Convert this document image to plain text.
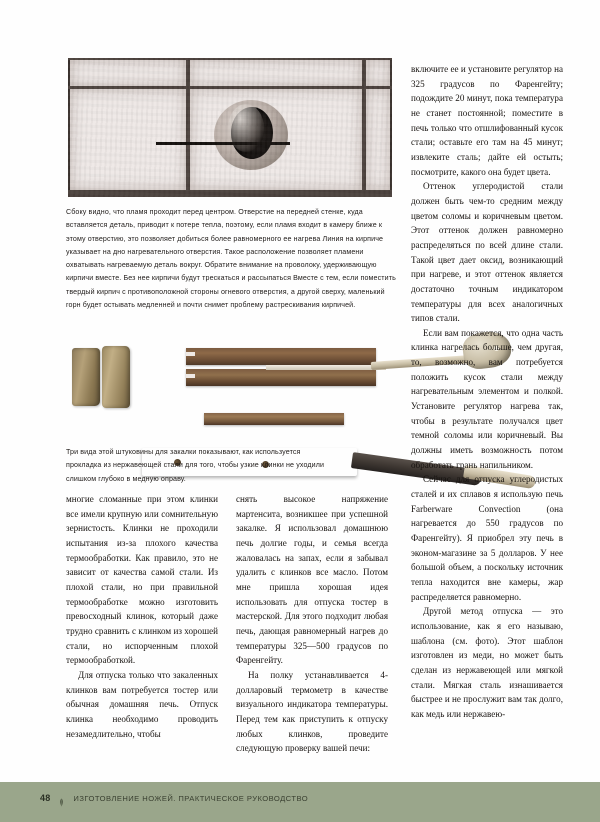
Сбоку видно, что пламя проходит перед центром. Отверстие на передней стенке, куда вставляется деталь, приводит к потере тепла, поэтому, если пламя входит в камеру ближе к этому отверстию, это позволяет добиться более равномерного ее нагрева Линия на кирпиче указывает на дно нагревательного отверстия. Такое расположение позволяет пламени охватывать нагреваемую деталь вокруг. Обратите внимание на проволоку, удерживающую кирпичи вместе. Без нее кирпичи будут трескаться и рассыпаться Вместе с тем, если поместить твердый кирпич с противоположной стороны огневого отверстия, а другой сверху, маленький горн будет остывать медленней и почти снимет проблему растрескивания кирпичей.
Три вида этой штуковины для закалки показывают, как используется прокладка из нержавеющей стали для того, чтобы узкие клинки не уходили слишком глубоко в медную оправу.

многие сломанные при этом клинки все имели крупную или сомнительную зернистость. Клинки не проходили испытания из-за плохого качества термообработки. Как правило, это не зависит от качества самой стали. Из плохой стали, но при правильной термообработке можно изготовить превосходный клинок, который даже трудно сравнить с клинком из хорошей стали, но испорченным плохой термообработкой.

Для отпуска только что закаленных клинков вам потребуется тостер или обычная домашняя печь. Отпуск клинка необходимо проводить незамедлительно, чтобы

снять высокое напряжение мартенсита, возникшее при успешной закалке. Я использовал домашнюю печь долгие годы, и семья всегда жаловалась на запах, если я забывал удалить с клинков все масло. Потом мне пришла хорошая идея использовать для отпуска тостер в мастерской. Для этого подходит любая печь, дающая равномерный нагрев до температуры 325—500 градусов по Фаренгейту.

На полку устанавливается 4-долларовый термометр в качестве визуального индикатора температуры. Перед тем как приступить к отпуску любых клинков, проведите следующую проверку вашей печи:

включите ее и установите регулятор на 325 градусов по Фаренгейту; подождите 20 минут, пока температура не станет постоянной; поместите в печь только что отшлифованный кусок стали; оставьте его там на 45 минут; извлеките сталь; дайте ей остыть; посмотрите, какого она будет цвета.

Оттенок углеродистой стали должен быть чем-то средним между цветом соломы и коричневым цветом. Этот оттенок должен равномерно распределяться по всей длине стали. Такой цвет дает оксид, возникающий при нагреве, и этот оттенок является достаточно точным индикатором температуры для всех аналогичных типов стали.

Если вам покажется, что одна часть клинка нагрелась больше, чем другая, то, возможно, вам потребуется положить кусок стали между нагревательным элементом и полкой. Установите регулятор нагрева так, чтобы в результате получался цвет темной соломы или коричневый. Вы должны иметь возможность потом обработать грань напильником.

Сейчас для отпуска углеродистых сталей и их сплавов я использую печь Farberware Convection (она нагревается до 550 градусов по Фаренгейту). Я приобрел эту печь в эконом-магазине за 5 долларов. У нее большой объем, а поскольку источник тепла находится вне камеры, жар распределяется равномерно.

Другой метод отпуска — это использование, как я его называю, шаблона (см. фото). Этот шаблон изготовлен из меди, но может быть сделан из нержавеющей или мягкой стали. Мягкая сталь изнашивается быстрее и не прослужит вам так долго, как медь или нержавею-

48	ИЗГОТОВЛЕНИЕ НОЖЕЙ. ПРАКТИЧЕСКОЕ РУКОВОДСТВО
